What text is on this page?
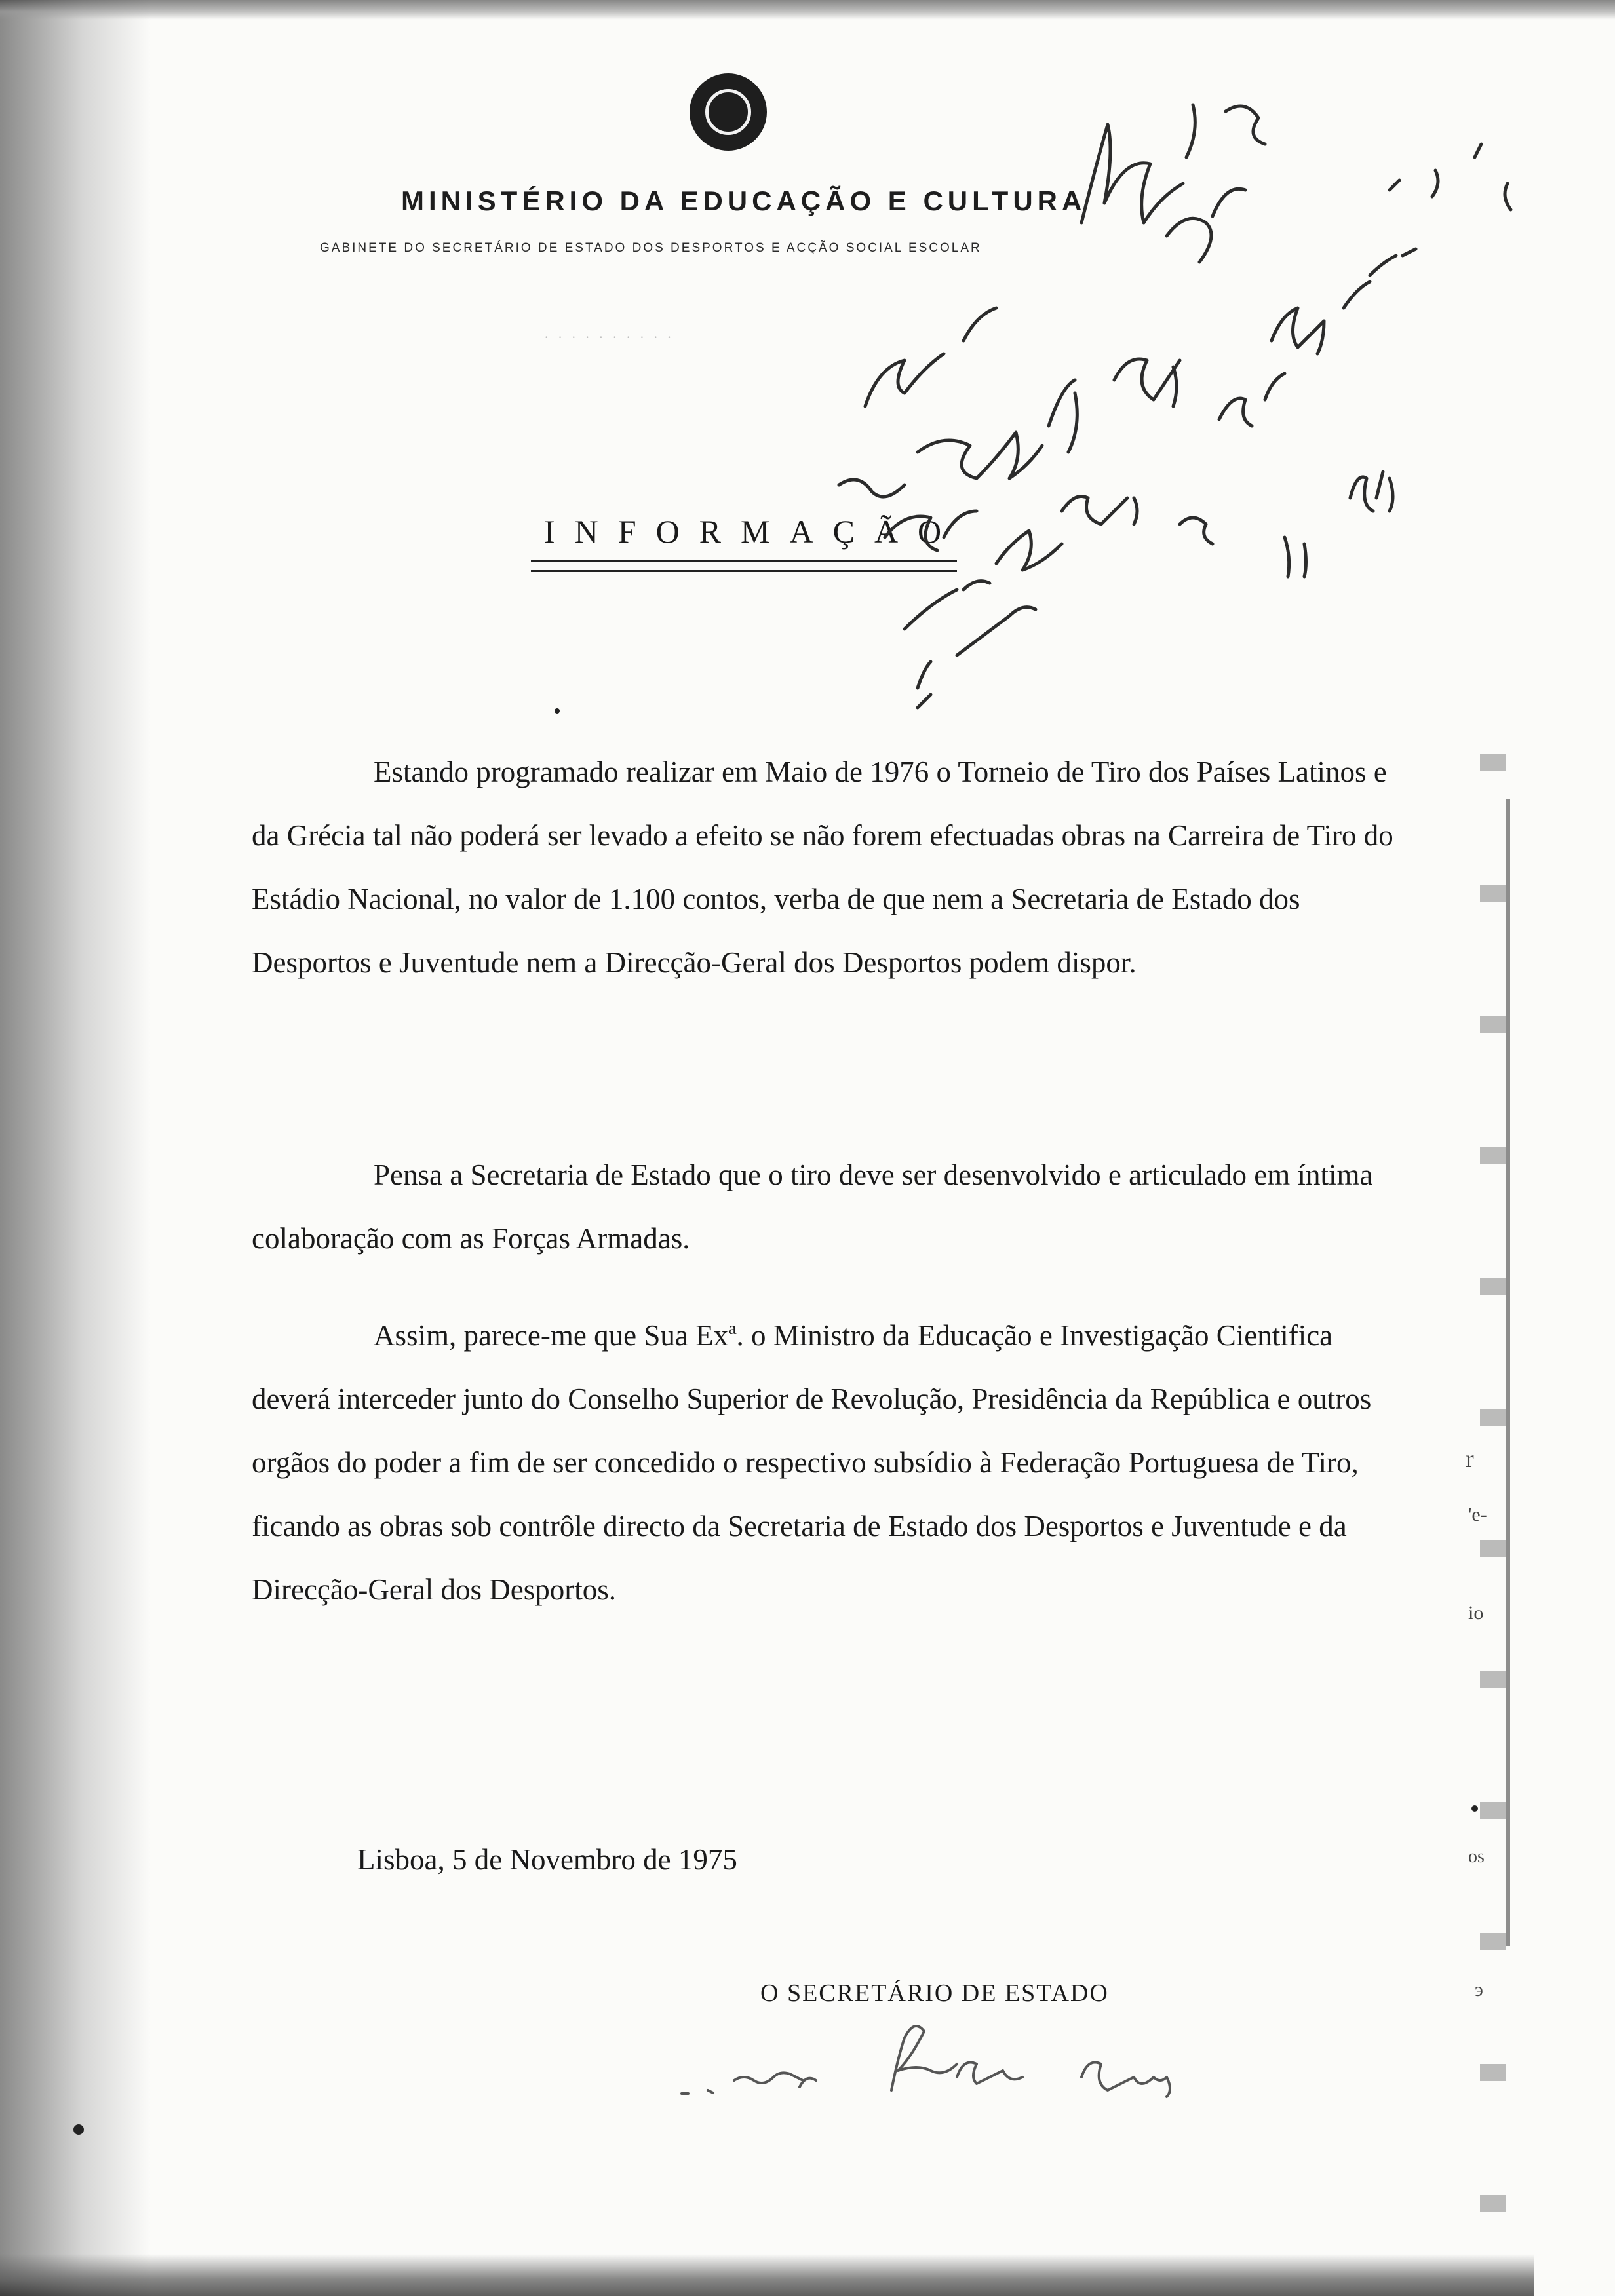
r
'e-
io
os
э
MINISTÉRIO DA EDUCAÇÃO E CULTURA
GABINETE DO SECRETÁRIO DE ESTADO DOS DESPORTOS E ACÇÃO SOCIAL ESCOLAR
· · · · · · · · · ·
INFORMAÇÃO

Estando programado realizar em Maio de 1976 o Torneio de Tiro dos Países Latinos e da Grécia tal não poderá ser levado a efeito se não forem efectuadas obras na Carreira de Tiro do Estádio Nacional, no valor de 1.100 contos, verba de que nem a Secretaria de Estado dos Desportos e Juventude nem a Direcção-Geral dos Desportos podem dispor.

Pensa a Secretaria de Estado que o tiro deve ser desenvolvido e articulado em íntima colaboração com as Forças Armadas.

Assim, parece-me que Sua Exª. o Ministro da Educação e Investigação Cientifica deverá interceder junto do Conselho Superior de Revolução, Presidência da República e outros orgãos do poder a fim de ser concedido o respectivo subsídio à Federação Portuguesa de Tiro, ficando as obras sob contrôle directo da Secretaria de Estado dos Desportos e Juventude e da Direcção-Geral dos Desportos.

Lisboa, 5 de Novembro de 1975
O SECRETÁRIO DE ESTADO
